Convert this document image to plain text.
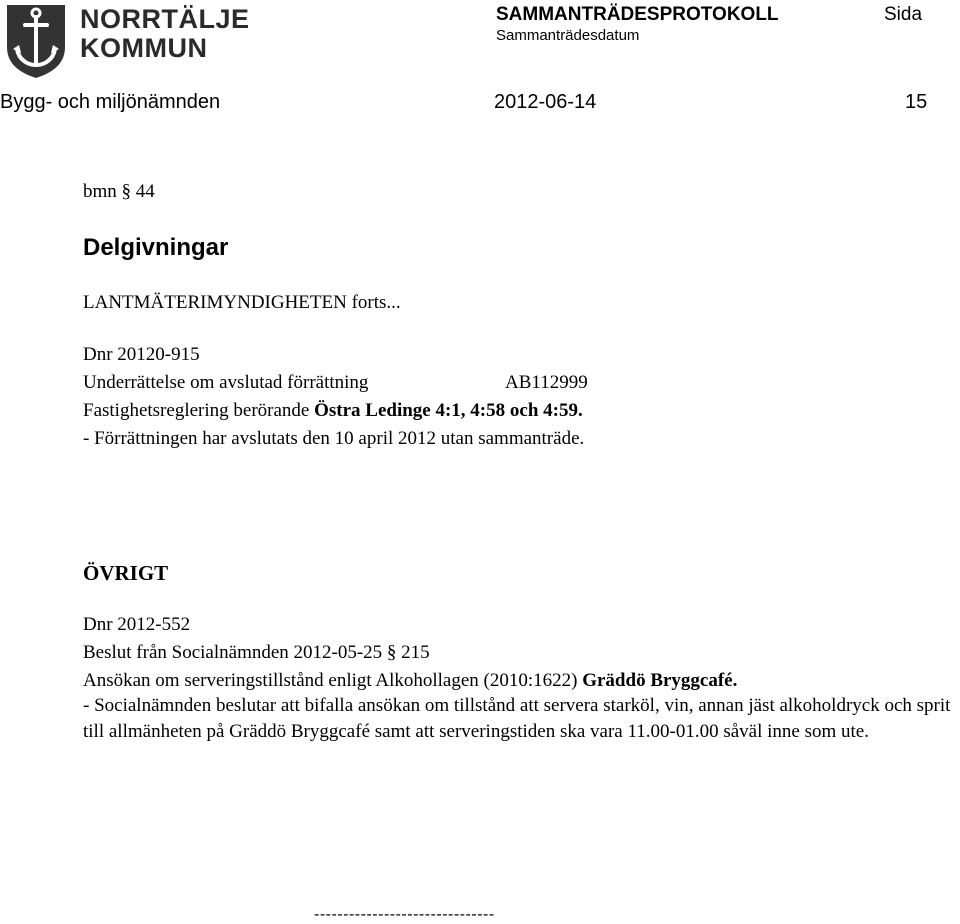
NORRTÄLJE
KOMMUN
SAMMANTRÄDESPROTOKOLL
Sammanträdesdatum
Sida
Bygg- och miljönämnden	2012-06-14	15
bmn § 44
Delgivningar
LANTMÄTERIMYNDIGHETEN forts...
Dnr 20120-915
Underrättelse om avslutad förrättning	AB112999
Fastighetsreglering berörande Östra Ledinge 4:1, 4:58 och 4:59.
- Förrättningen har avslutats den 10 april 2012 utan sammanträde.
ÖVRIGT
Dnr 2012-552
Beslut från Socialnämnden 2012-05-25 § 215
Ansökan om serveringstillstånd enligt Alkohollagen (2010:1622) Gräddö Bryggcafé.
- Socialnämnden beslutar att bifalla ansökan om tillstånd att servera starköl, vin, annan jäst alkoholdryck och sprit till allmänheten på Gräddö Bryggcafé samt att serveringstiden ska vara 11.00-01.00 såväl inne som ute.
-------------------------------
